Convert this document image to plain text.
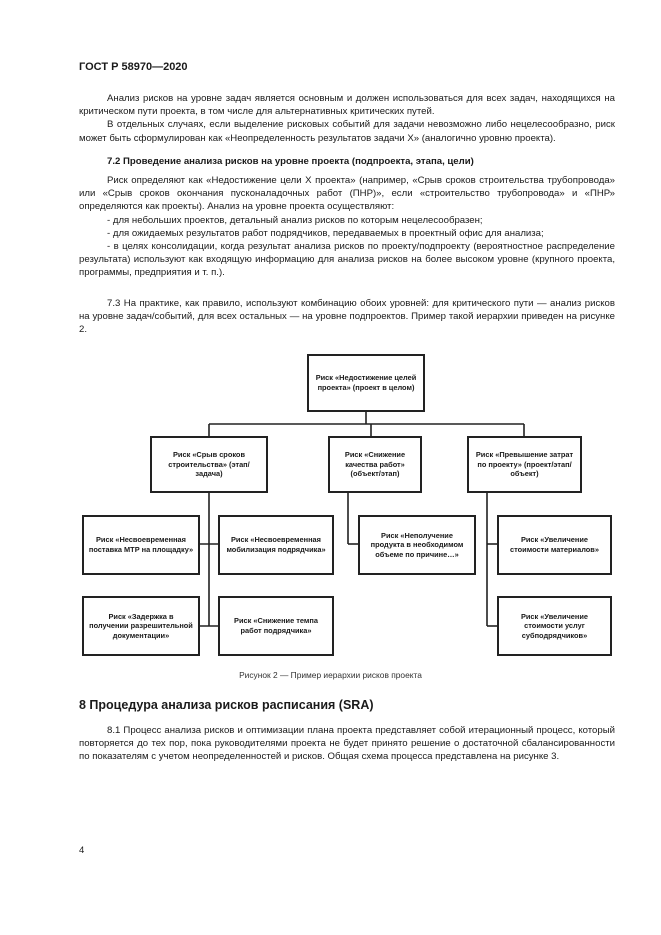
ГОСТ Р 58970—2020

Анализ рисков на уровне задач является основным и должен использоваться для всех задач, находящихся на критическом пути проекта, в том числе для альтернативных критических путей.

В отдельных случаях, если выделение рисковых событий для задачи невозможно либо нецелесообразно, риск может быть сформулирован как «Неопределенность результатов задачи X» (аналогично уровню проекта).

7.2 Проведение анализа рисков на уровне проекта (подпроекта, этапа, цели)

Риск определяют как «Недостижение цели X проекта» (например, «Срыв сроков строительства трубопровода» или «Срыв сроков окончания пусконаладочных работ (ПНР)», если «строительство трубопровода» и «ПНР» определяются как проекты). Анализ на уровне проекта осуществляют:

- для небольших проектов, детальный анализ рисков по которым нецелесообразен;

- для ожидаемых результатов работ подрядчиков, передаваемых в проектный офис для анализа;

- в целях консолидации, когда результат анализа рисков по проекту/подпроекту (вероятностное распределение результата) используют как входящую информацию для анализа рисков на более высоком уровне (крупного проекта, программы, предприятия и т. п.).

7.3 На практике, как правило, используют комбинацию обоих уровней: для критического пути — анализ рисков на уровне задач/событий, для всех остальных — на уровне подпроектов. Пример такой иерархии приведен на рисунке 2.

Риск «Недостижение целей проекта» (проект в целом)
Риск «Срыв сроков строительства» (этап/задача)
Риск «Снижение качества работ» (объект/этап)
Риск «Превышение затрат по проекту» (проект/этап/объект)
Риск «Несвоевременная поставка МТР на площадку»
Риск «Несвоевременная мобилизация подрядчика»
Риск «Задержка в получении разрешительной документации»
Риск «Снижение темпа работ подрядчика»
Риск «Неполучение продукта в необходимом объеме по причине…»
Риск «Увеличение стоимости материалов»
Риск «Увеличение стоимости услуг субподрядчиков»
Рисунок 2 — Пример иерархии рисков проекта

8 Процедура анализа рисков расписания (SRA)

8.1 Процесс анализа рисков и оптимизации плана проекта представляет собой итерационный процесс, который повторяется до тех пор, пока руководителями проекта не будет принято решение о достаточной сбалансированности по показателям с учетом неопределенностей и рисков. Общая схема процесса представлена на рисунке 3.

4
